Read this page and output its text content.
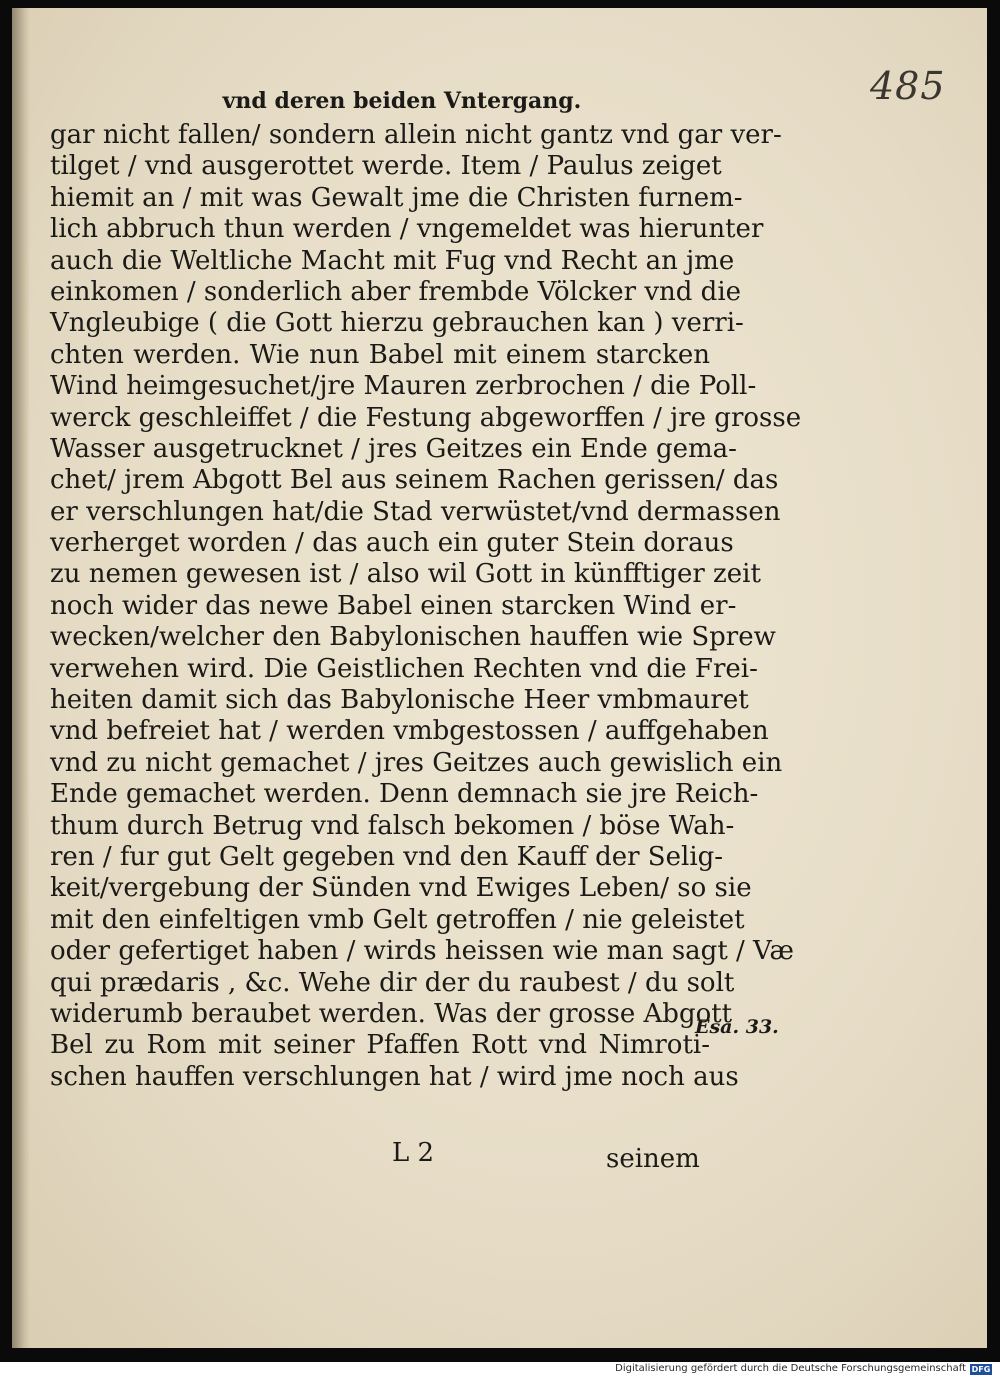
485
vnd deren beiden Vntergang.
gar nicht fallen/ sondern allein nicht gantz vnd gar ver-
tilget / vnd ausgerottet werde. Item / Paulus zeiget
hiemit an / mit was Gewalt jme die Christen furnem-
lich abbruch thun werden / vngemeldet was hierunter
auch die Weltliche Macht mit Fug vnd Recht an jme
einkomen / sonderlich aber frembde Völcker vnd die
Vngleubige ( die Gott hierzu gebrauchen kan ) verri-
chten werden. Wie nun Babel mit einem starcken
Wind heimgesuchet/jre Mauren zerbrochen / die Poll-
werck geschleiffet / die Festung abgeworffen / jre grosse
Wasser ausgetrucknet / jres Geitzes ein Ende gema-
chet/ jrem Abgott Bel aus seinem Rachen gerissen/ das
er verschlungen hat/die Stad verwüstet/vnd dermassen
verherget worden / das auch ein guter Stein doraus
zu nemen gewesen ist / also wil Gott in künfftiger zeit
noch wider das newe Babel einen starcken Wind er-
wecken/welcher den Babylonischen hauffen wie Sprew
verwehen wird. Die Geistlichen Rechten vnd die Frei-
heiten damit sich das Babylonische Heer vmbmauret
vnd befreiet hat / werden vmbgestossen / auffgehaben
vnd zu nicht gemachet / jres Geitzes auch gewislich ein
Ende gemachet werden. Denn demnach sie jre Reich-
thum durch Betrug vnd falsch bekomen / böse Wah-
ren / fur gut Gelt gegeben vnd den Kauff der Selig-
keit/vergebung der Sünden vnd Ewiges Leben/ so sie
mit den einfeltigen vmb Gelt getroffen / nie geleistet
oder gefertiget haben / wirds heissen wie man sagt / Væ
qui prædaris , &c. Wehe dir der du raubest / du solt
widerumb beraubet werden. Was der grosse Abgott
Bel zu Rom mit seiner Pfaffen Rott vnd Nimroti-
schen hauffen verschlungen hat / wird jme noch aus
Esa. 33.
L 2	seinem
Digitalisierung gefördert durch die Deutsche Forschungsgemeinschaft DFG
